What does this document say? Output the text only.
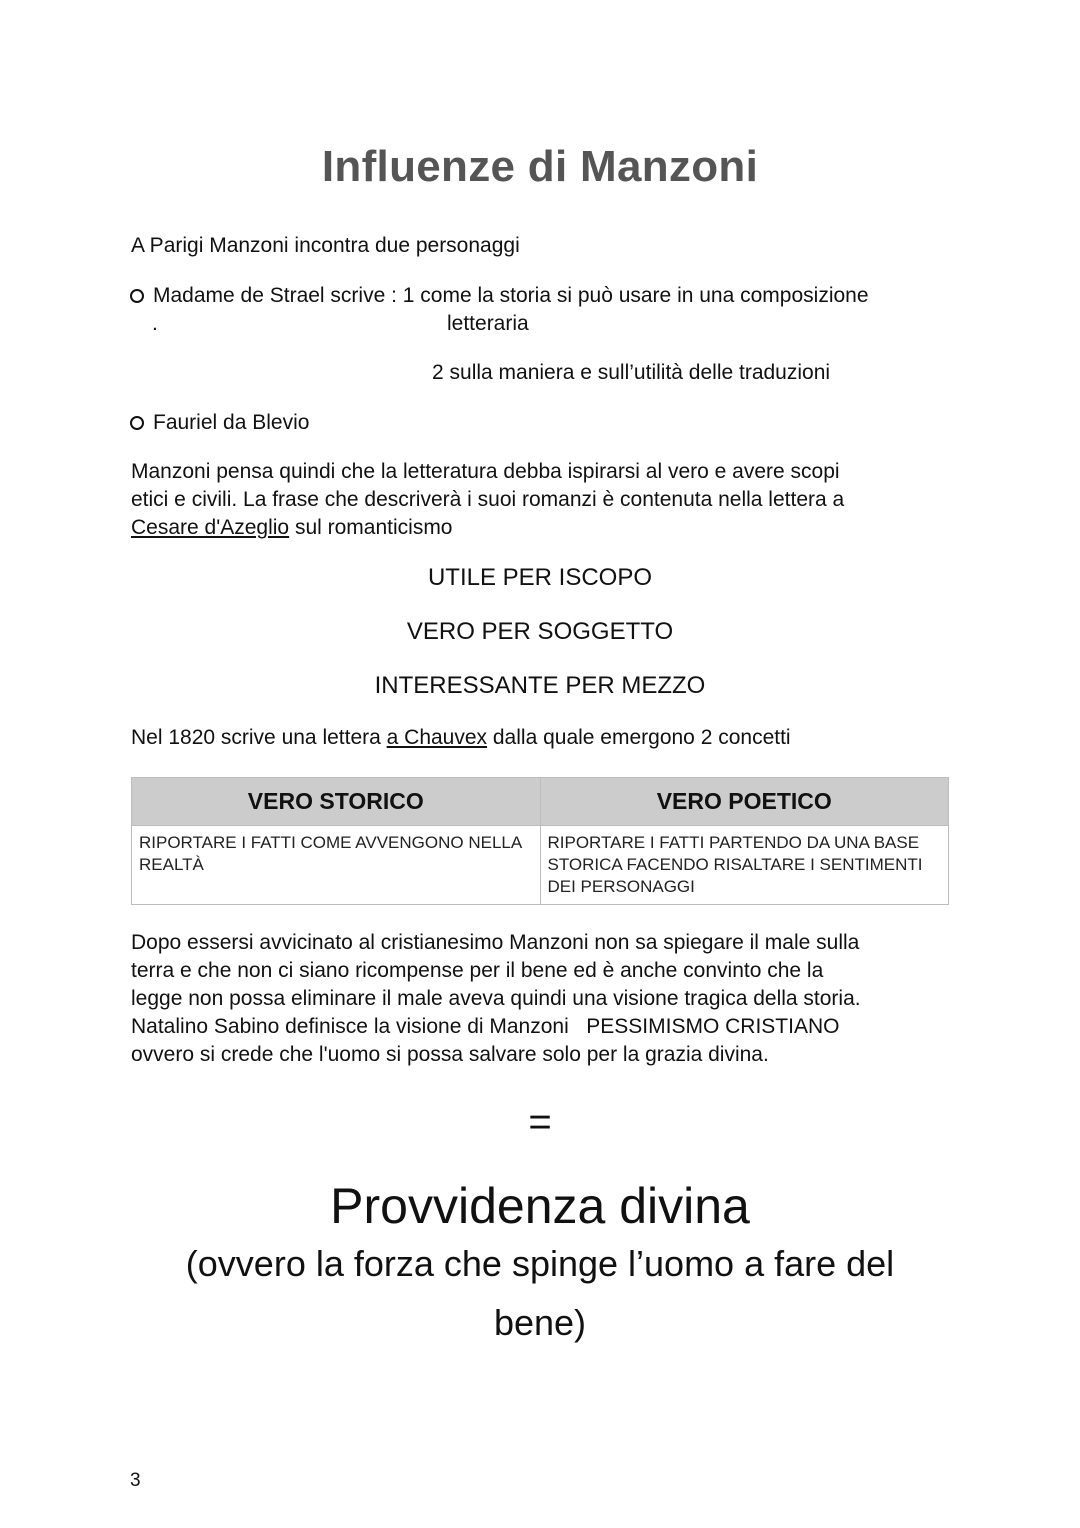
Influenze di Manzoni
A Parigi Manzoni incontra due personaggi
Madame de Strael scrive : 1 come la storia si può usare in una composizione
.	letteraria
2 sulla maniera e sull’utilità delle traduzioni
Fauriel da Blevio
Manzoni pensa quindi che la letteratura debba ispirarsi al vero e avere scopi
etici e civili. La frase che descriverà i suoi romanzi è contenuta nella lettera a
Cesare d'Azeglio sul romanticismo
UTILE PER ISCOPO
VERO PER SOGGETTO
INTERESSANTE PER MEZZO
Nel 1820 scrive una lettera a Chauvex dalla quale emergono 2 concetti
VERO STORICO	VERO POETICO
RIPORTARE I FATTI COME AVVENGONO NELLA REALTÀ	RIPORTARE I FATTI PARTENDO DA UNA BASE STORICA FACENDO RISALTARE I SENTIMENTI DEI PERSONAGGI
Dopo essersi avvicinato al cristianesimo Manzoni non sa spiegare il male sulla
terra e che non ci siano ricompense per il bene ed è anche convinto che la
legge non possa eliminare il male aveva quindi una visione tragica della storia.
Natalino Sabino definisce la visione di Manzoni   PESSIMISMO CRISTIANO
ovvero si crede che l'uomo si possa salvare solo per la grazia divina.
=
Provvidenza divina
(ovvero la forza che spinge l’uomo a fare del
bene)
3
